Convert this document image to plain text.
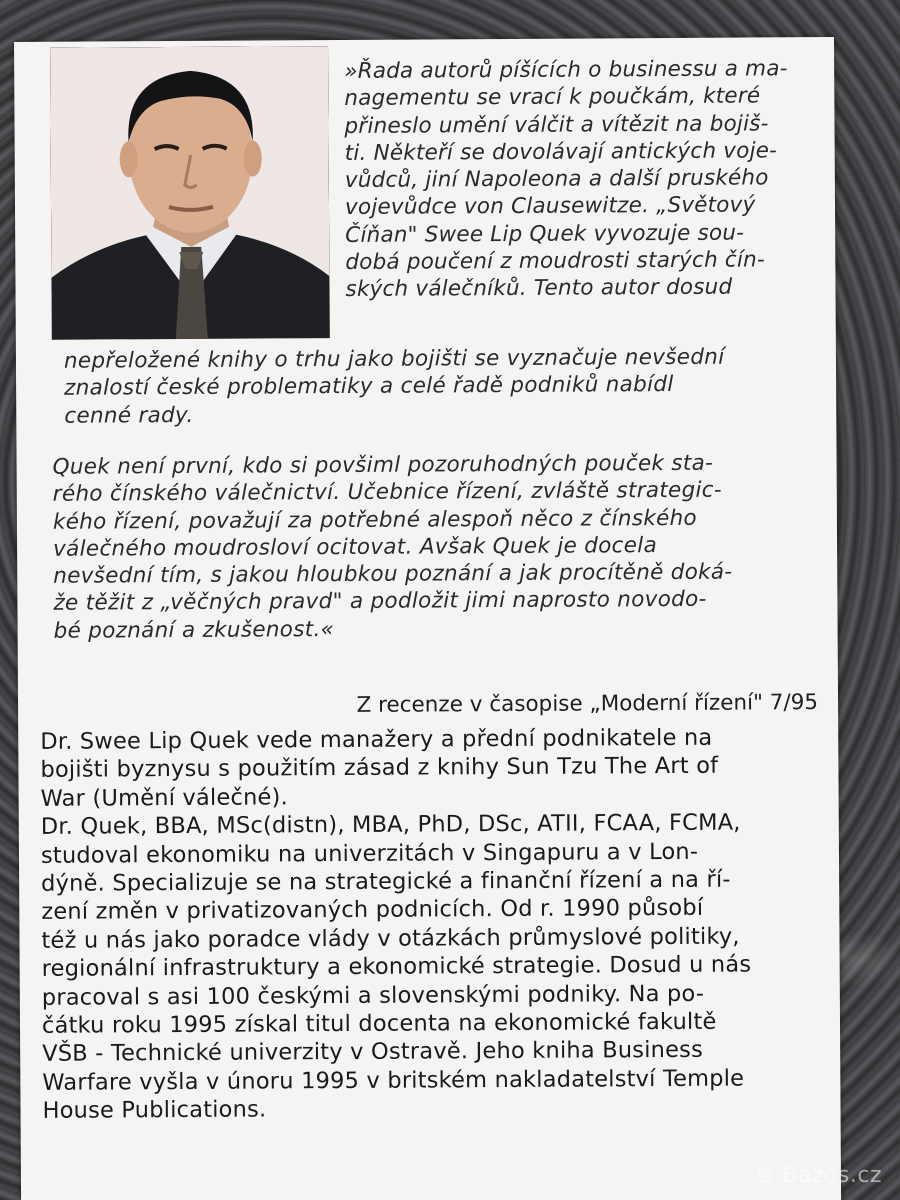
»Řada autorů píšících o businessu a ma-
nagementu se vrací k poučkám, které
přineslo umění válčit a vítězit na bojiš-
ti. Někteří se dovolávají antických voje-
vůdců, jiní Napoleona a další pruského
vojevůdce von Clausewitze. „Světový
Číňan" Swee Lip Quek vyvozuje sou-
dobá poučení z moudrosti starých čín-
ských válečníků. Tento autor dosud
nepřeložené knihy o trhu jako bojišti se vyznačuje nevšední
znalostí české problematiky a celé řadě podniků nabídl
cenné rady.
Quek není první, kdo si povšiml pozoruhodných pouček sta-
rého čínského válečnictví. Učebnice řízení, zvláště strategic-
kého řízení, považují za potřebné alespoň něco z čínského
válečného moudrosloví ocitovat. Avšak Quek je docela
nevšední tím, s jakou hloubkou poznání a jak procítěně doká-
že těžit z „věčných pravd" a podložit jimi naprosto novodo-
bé poznání a zkušenost.«

Z recenze v časopise „Moderní řízení" 7/95

Dr. Swee Lip Quek vede manažery a přední podnikatele na
bojišti byznysu s použitím zásad z knihy Sun Tzu The Art of
War (Umění válečné).

Dr. Quek, BBA, MSc(distn), MBA, PhD, DSc, ATII, FCAA, FCMA,
studoval ekonomiku na univerzitách v Singapuru a v Lon-
dýně. Specializuje se na strategické a finanční řízení a na ří-
zení změn v privatizovaných podnicích. Od r. 1990 působí
též u nás jako poradce vlády v otázkách průmyslové politiky,
regionální infrastruktury a ekonomické strategie. Dosud u nás
pracoval s asi 100 českými a slovenskými podniky. Na po-
čátku roku 1995 získal titul docenta na ekonomické fakultě
VŠB - Technické univerzity v Ostravě. Jeho kniha Business
Warfare vyšla v únoru 1995 v britském nakladatelství Temple
House Publications.

⊚ Bazos.cz
